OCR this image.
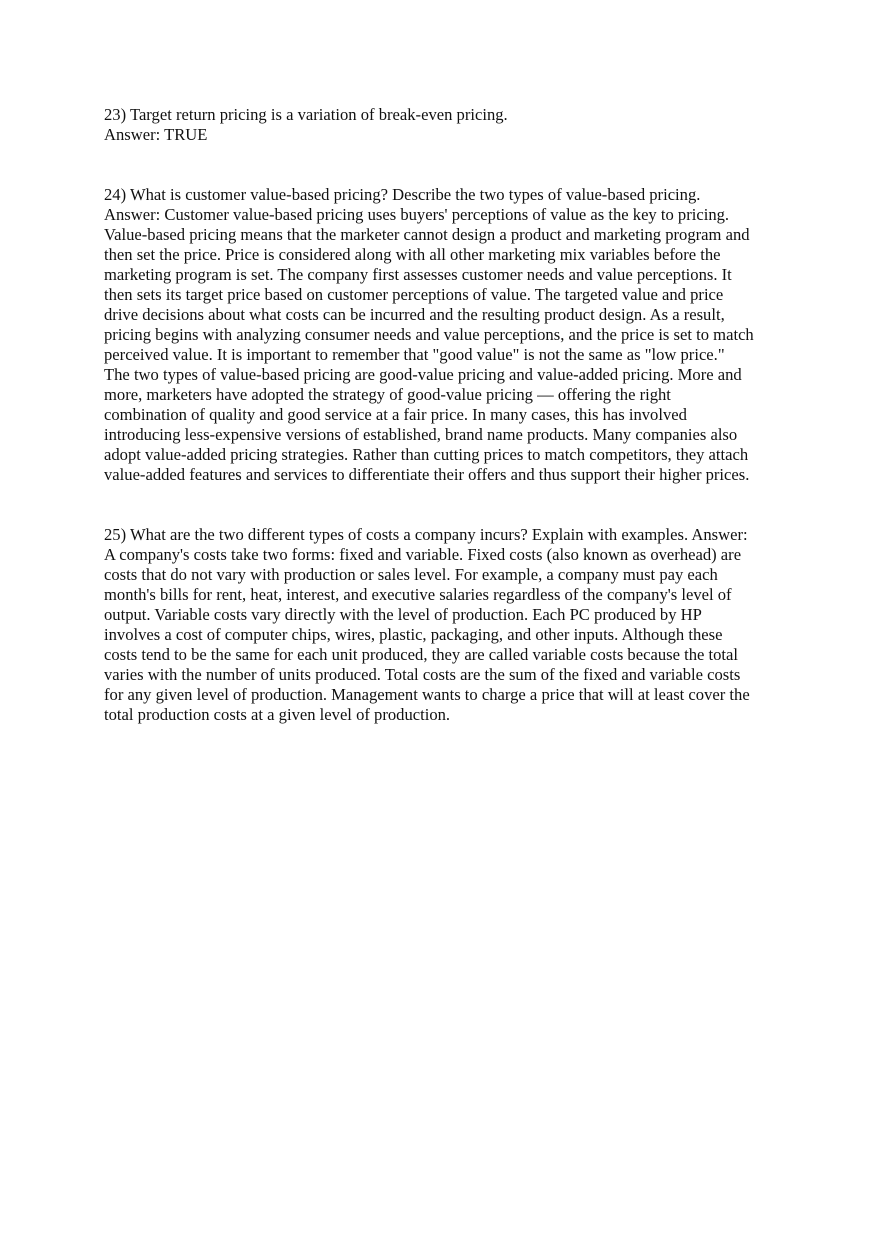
23) Target return pricing is a variation of break-even pricing.
Answer: TRUE
24) What is customer value-based pricing? Describe the two types of value-based pricing.
Answer: Customer value-based pricing uses buyers' perceptions of value as the key to pricing.
Value-based pricing means that the marketer cannot design a product and marketing program and
then set the price. Price is considered along with all other marketing mix variables before the
marketing program is set. The company first assesses customer needs and value perceptions. It
then sets its target price based on customer perceptions of value. The targeted value and price
drive decisions about what costs can be incurred and the resulting product design. As a result,
pricing begins with analyzing consumer needs and value perceptions, and the price is set to match
perceived value. It is important to remember that "good value" is not the same as "low price."
The two types of value-based pricing are good-value pricing and value-added pricing. More and
more, marketers have adopted the strategy of good-value pricing — offering the right
combination of quality and good service at a fair price. In many cases, this has involved
introducing less-expensive versions of established, brand name products. Many companies also
adopt value-added pricing strategies. Rather than cutting prices to match competitors, they attach
value-added features and services to differentiate their offers and thus support their higher prices.
25) What are the two different types of costs a company incurs? Explain with examples. Answer:
A company's costs take two forms: fixed and variable. Fixed costs (also known as overhead) are
costs that do not vary with production or sales level. For example, a company must pay each
month's bills for rent, heat, interest, and executive salaries regardless of the company's level of
output. Variable costs vary directly with the level of production. Each PC produced by HP
involves a cost of computer chips, wires, plastic, packaging, and other inputs. Although these
costs tend to be the same for each unit produced, they are called variable costs because the total
varies with the number of units produced. Total costs are the sum of the fixed and variable costs
for any given level of production. Management wants to charge a price that will at least cover the
total production costs at a given level of production.
